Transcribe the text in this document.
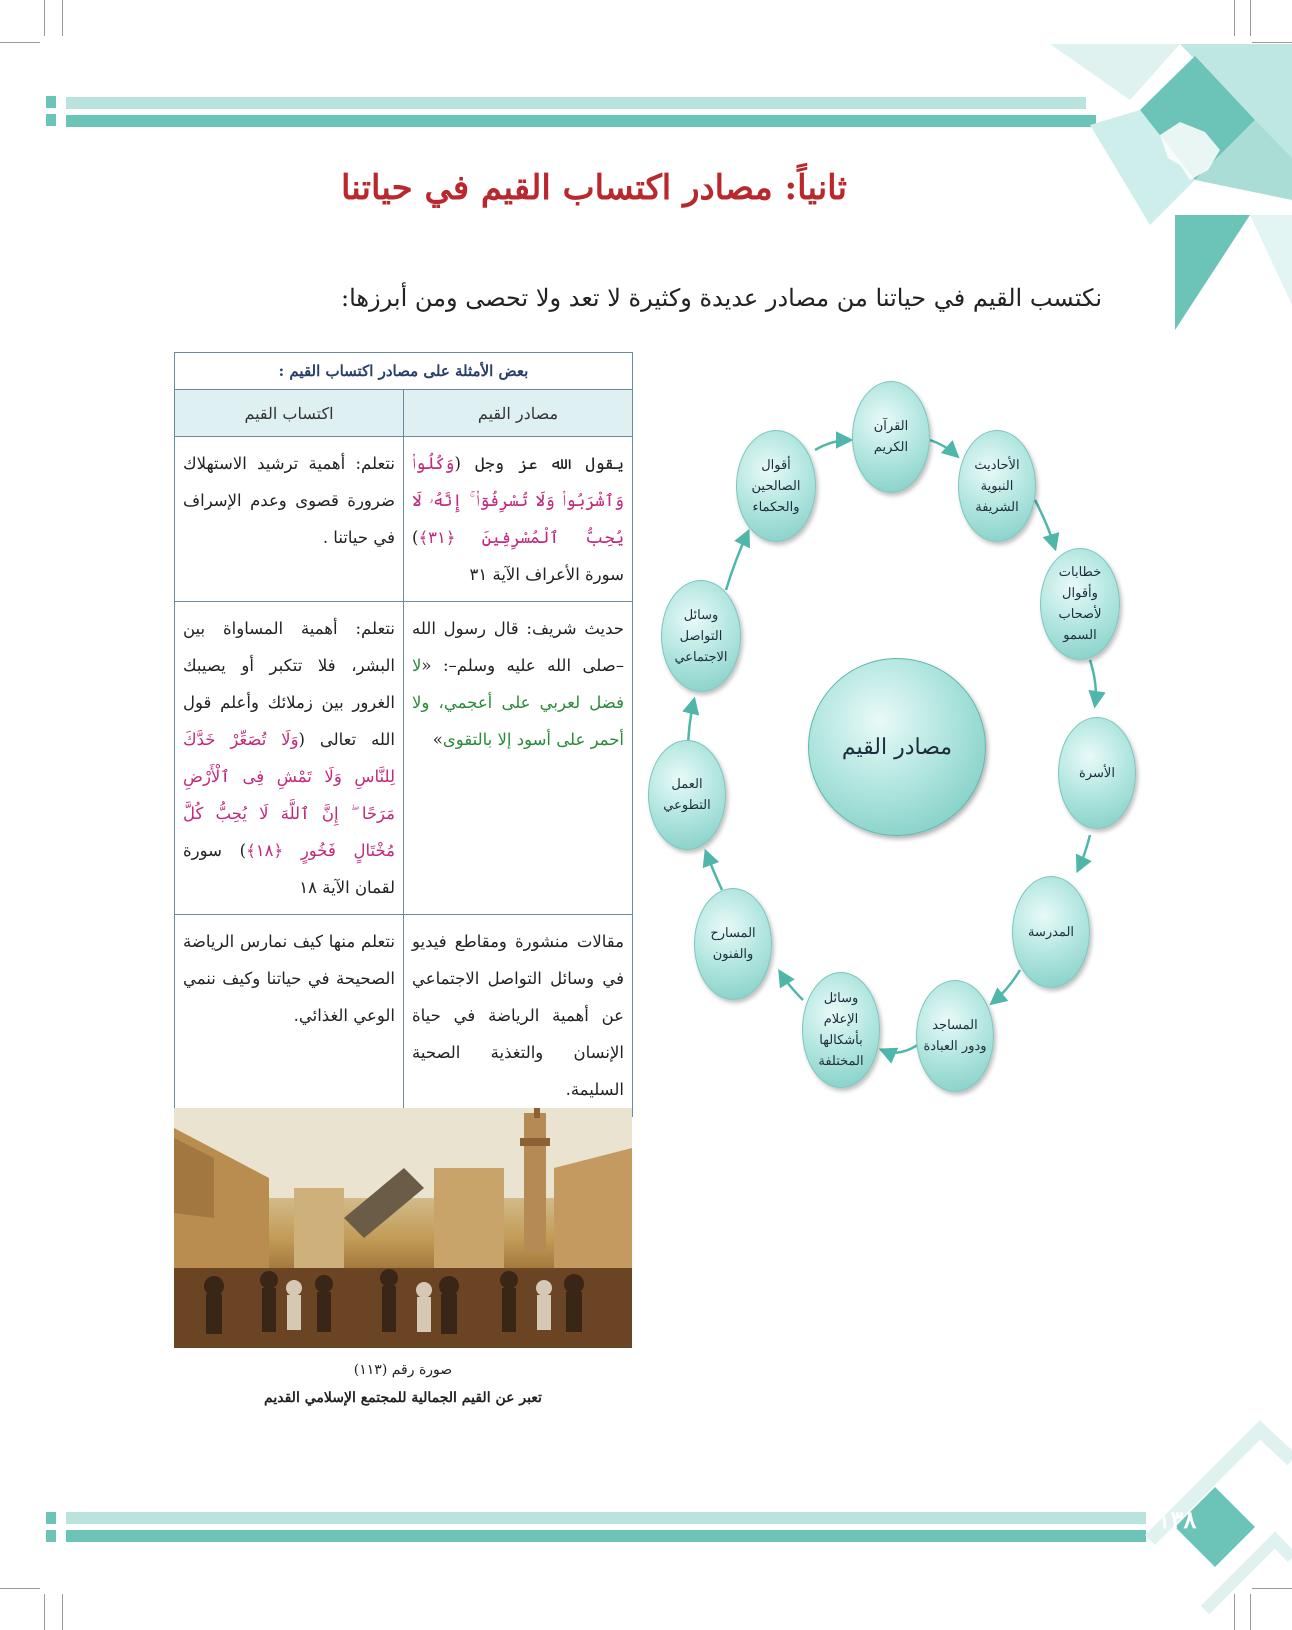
ثانياً: مصادر اكتساب القيم في حياتنا

نكتسب القيم في حياتنا من مصادر عديدة وكثيرة لا تعد ولا تحصى ومن أبرزها:

بعض الأمثلة على مصادر اكتساب القيم :	
مصادر القيم	اكتساب القيم
يقول الله عز وجل (وَكُلُوا۟ وَٱشْرَبُوا۟ وَلَا تُسْرِفُوٓا۟ ۚ إِنَّهُۥ لَا يُحِبُّ ٱلْمُسْرِفِينَ ﴿٣١﴾) سورة الأعراف الآية ٣١	نتعلم: أهمية ترشيد الاستهلاك ضرورة قصوى وعدم الإسراف في حياتنا .
حديث شريف: قال رسول الله –صلى الله عليه وسلم–: «لا فضل لعربي على أعجمي، ولا أحمر على أسود إلا بالتقوى»	نتعلم: أهمية المساواة بين البشر، فلا تتكبر أو يصيبك الغرور بين زملائك وأعلم قول الله تعالى (وَلَا تُصَعِّرْ خَدَّكَ لِلنَّاسِ وَلَا تَمْشِ فِى ٱلْأَرْضِ مَرَحًا ۖ إِنَّ ٱللَّهَ لَا يُحِبُّ كُلَّ مُخْتَالٍ فَخُورٍ ﴿١٨﴾) سورة لقمان الآية ١٨
مقالات منشورة ومقاطع فيديو في وسائل التواصل الاجتماعي عن أهمية الرياضة في حياة الإنسان والتغذية الصحية السليمة.	نتعلم منها كيف نمارس الرياضة الصحيحة في حياتنا وكيف ننمي الوعي الغذائي.
صورة رقم (١١٣)
تعبر عن القيم الجمالية للمجتمع الإسلامي القديم
مصادر القيم
القرآن الكريم
الأحاديث النبوية الشريفة
خطابات وأقوال لأصحاب السمو
الأسرة
المدرسة
المساجد ودور العبادة
وسائل الإعلام بأشكالها المختلفة
المسارح والفنون
العمل التطوعي
وسائل التواصل الاجتماعي
أقوال الصالحين والحكماء
١٣٨
